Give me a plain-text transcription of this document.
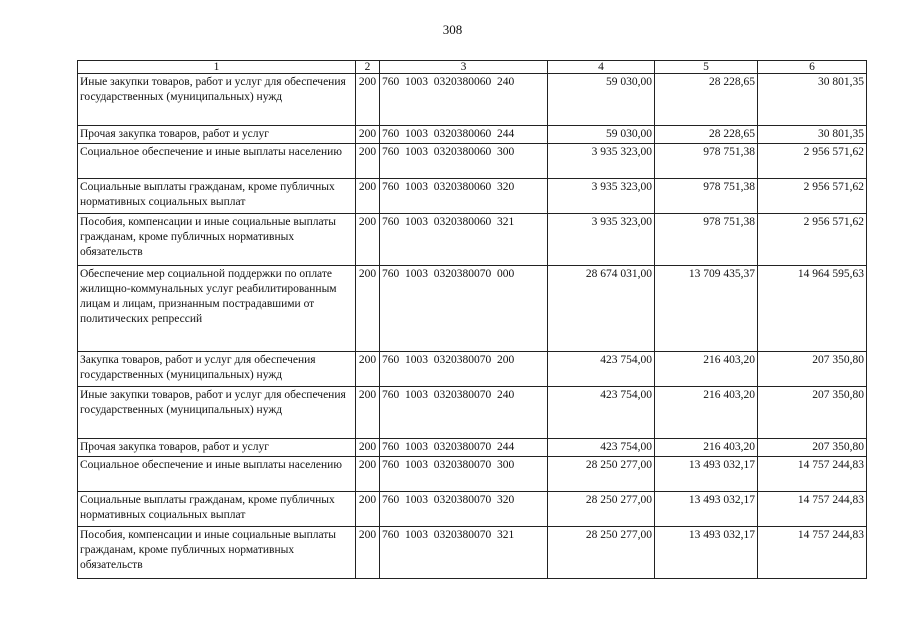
308
1	2	3	4	5	6
Иные закупки товаров, работ и услуг для обеспечения государственных (муниципальных) нужд	200	760  1003  0320380060  240	59 030,00	28 228,65	30 801,35
Прочая закупка товаров, работ и услуг	200	760  1003  0320380060  244	59 030,00	28 228,65	30 801,35
Социальное обеспечение и иные выплаты населению	200	760  1003  0320380060  300	3 935 323,00	978 751,38	2 956 571,62
Социальные выплаты гражданам, кроме публичных нормативных социальных выплат	200	760  1003  0320380060  320	3 935 323,00	978 751,38	2 956 571,62
Пособия, компенсации и иные социальные выплаты гражданам, кроме публичных нормативных обязательств	200	760  1003  0320380060  321	3 935 323,00	978 751,38	2 956 571,62
Обеспечение мер социальной поддержки по оплате жилищно-коммунальных услуг реабилитированным лицам и лицам, признанным пострадавшими от политических репрессий	200	760  1003  0320380070  000	28 674 031,00	13 709 435,37	14 964 595,63
Закупка товаров, работ и услуг для обеспечения государственных (муниципальных) нужд	200	760  1003  0320380070  200	423 754,00	216 403,20	207 350,80
Иные закупки товаров, работ и услуг для обеспечения государственных (муниципальных) нужд	200	760  1003  0320380070  240	423 754,00	216 403,20	207 350,80
Прочая закупка товаров, работ и услуг	200	760  1003  0320380070  244	423 754,00	216 403,20	207 350,80
Социальное обеспечение и иные выплаты населению	200	760  1003  0320380070  300	28 250 277,00	13 493 032,17	14 757 244,83
Социальные выплаты гражданам, кроме публичных нормативных социальных выплат	200	760  1003  0320380070  320	28 250 277,00	13 493 032,17	14 757 244,83
Пособия, компенсации и иные социальные выплаты гражданам, кроме публичных нормативных обязательств	200	760  1003  0320380070  321	28 250 277,00	13 493 032,17	14 757 244,83
